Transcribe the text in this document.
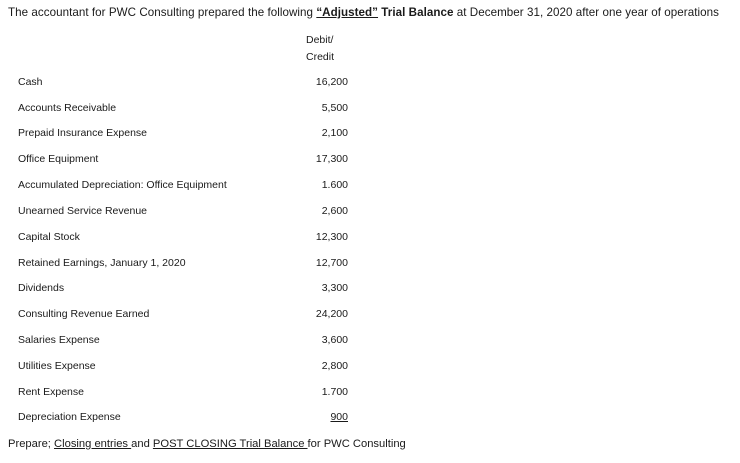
The accountant for PWC Consulting prepared the following “Adjusted” Trial Balance at December 31, 2020 after one year of operations
Debit/
Credit
Cash	16,200
Accounts Receivable	5,500
Prepaid Insurance Expense	2,100
Office Equipment	17,300
Accumulated Depreciation: Office Equipment	1.600
Unearned Service Revenue	2,600
Capital Stock	12,300
Retained Earnings, January 1, 2020	12,700
Dividends	3,300
Consulting Revenue Earned	24,200
Salaries Expense	3,600
Utilities Expense	2,800
Rent Expense	1.700
Depreciation Expense	900
Prepare; Closing entries and POST CLOSING Trial Balance for PWC Consulting
